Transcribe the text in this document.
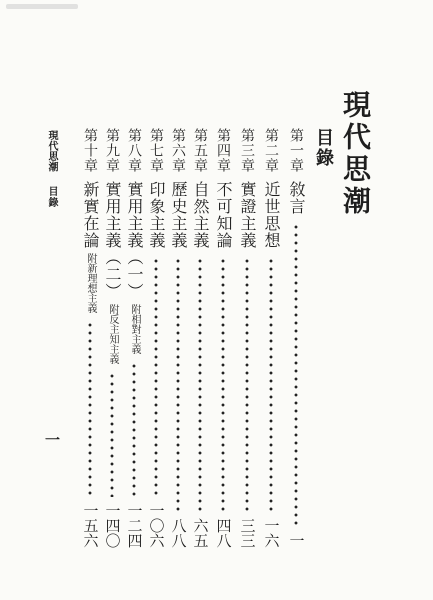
現代思潮
目錄
第一章
敘言
一
第二章
近世思想
一六
第三章
實證主義
三三
第四章
不可知論
四八
第五章
自然主義
六五
第六章
歷史主義
八八
第七章
印象主義
一〇六
第八章
實用主義（一）
附相對主義
一二四
第九章
實用主義（二）
附反主知主義
一四〇
第十章
新實在論
附新理想主義
一五六
現代思潮
目錄
一
